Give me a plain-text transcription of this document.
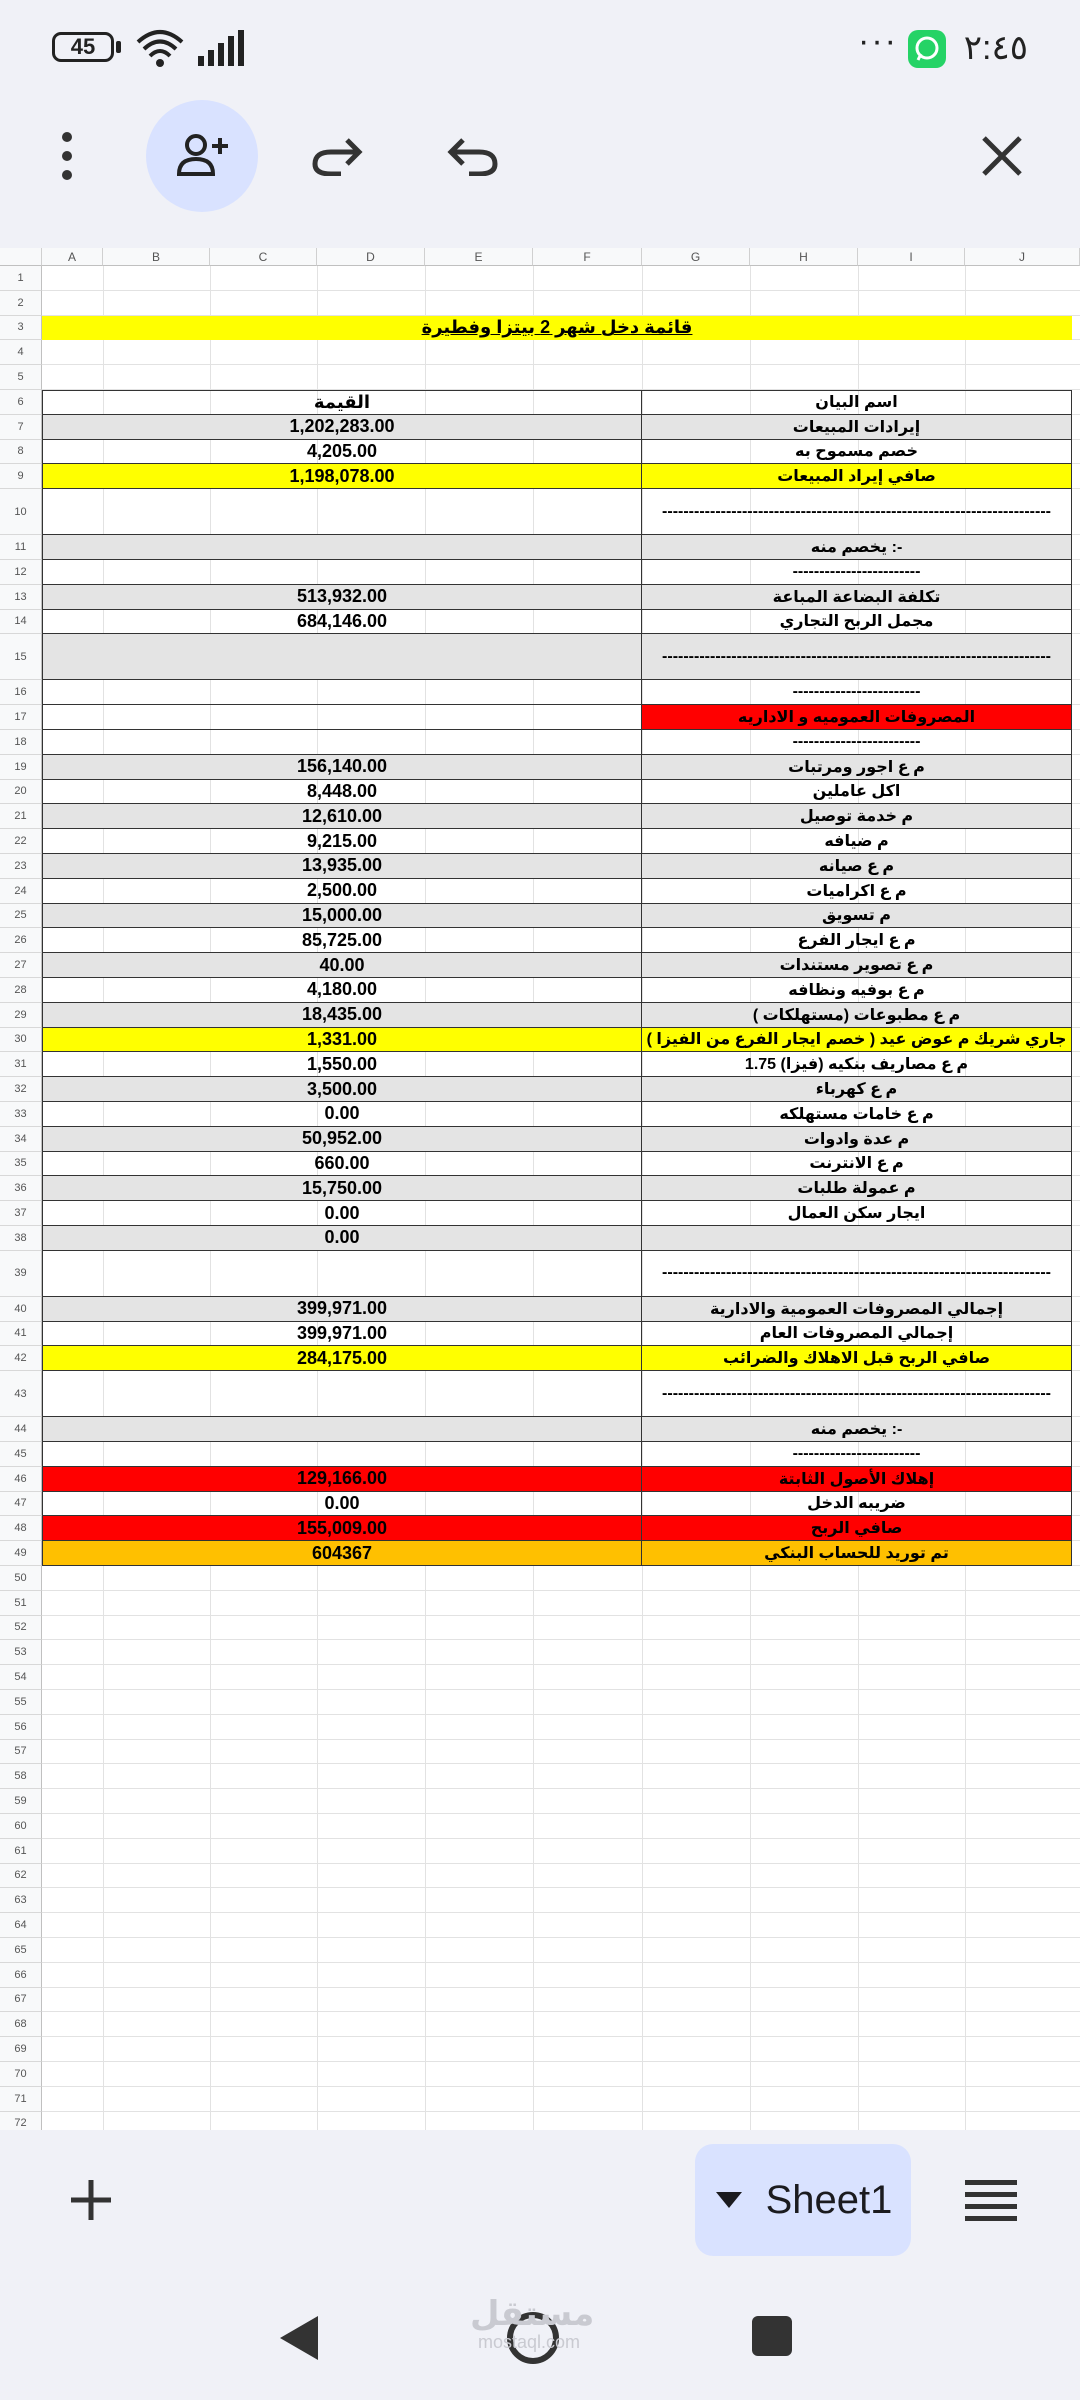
45	··· ٢:٤٥
A	B	C	D	E	F	G	H	I	J
1
2
3
4
5
6
7
8
9
10
11
12
13
14
15
16
17
18
19
20
21
22
23
24
25
26
27
28
29
30
31
32
33
34
35
36
37
38
39
40
41
42
43
44
45
46
47
48
49
50
51
52
53
54
55
56
57
58
59
60
61
62
63
64
65
66
67
68
69
70
71
72
قائمة دخل شهر 2 بيتزا وفطيرة
القيمة	اسم البيان
1,202,283.00	إيرادات المبيعات
4,205.00	خصم مسموح به
1,198,078.00	صافي إيراد المبيعات
-------------------------------------------------------------------------
-: يخصم منه
------------------------
513,932.00	تكلفة البضاعة المباعة
684,146.00	مجمل الربح التجاري
-------------------------------------------------------------------------
------------------------
المصروفات العموميه و الاداريه
------------------------
156,140.00	م ع اجور ومرتبات
8,448.00	اكل عاملين
12,610.00	م خدمة توصيل
9,215.00	م ضيافه
13,935.00	م ع صيانه
2,500.00	م ع اكراميات
15,000.00	م تسويق
85,725.00	م ع ايجار الفرع
40.00	م ع تصوير مستندات
4,180.00	م ع بوفيه ونظافه
18,435.00	م ع مطبوعات (مستهلكات )
1,331.00	جاري شريك م عوض عيد ( خصم ايجار الفرع من الفيزا )
1,550.00	م ع مصاريف بنكيه (فيزا) 1.75
3,500.00	م ع كهرباء
0.00	م ع خامات مستهلكه
50,952.00	م عدة وادوات
660.00	م ع الانترنت
15,750.00	م عمولة طلبات
0.00	ايجار سكن العمال
0.00
-------------------------------------------------------------------------
399,971.00	إجمالي المصروفات العمومية والادارية
399,971.00	إجمالي المصروفات العام
284,175.00	صافي الربح قبل الاهلاك والضرائب
-------------------------------------------------------------------------
-: يخصم منه
------------------------
129,166.00	إهلاك الأصول الثابتة
0.00	ضريبه الدخل
155,009.00	صافي الربح
604367	تم توريد للحساب البنكي
Sheet1
مستقل
mostaql.com
